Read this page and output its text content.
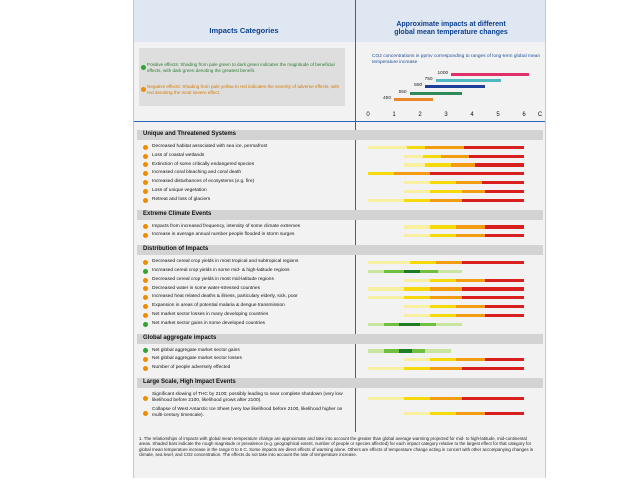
Impacts Categories
Approximate impacts at different
global mean temperature changes
Positive effects: Shading from pale green to dark green indicates the magnitude of beneficial effects, with dark green denoting the greatest benefit.
Negative effects: Shading from pale yellow to red indicates the severity of adverse effects, with red denoting the most severe effect.
CO2 concentrations in ppmv corresponding to ranges of long-term global mean temperature increase
1000
750
650
550
450
0	1	2	3	4	5	6	C
Unique and Threatened Systems
Decreased habitat associated with sea ice, permafrost
Loss of coastal wetlands
Extinction of some critically endangered species
Increased coral bleaching and coral death
Increased disturbances of ecosystems (e.g. fire)
Loss of unique vegetation
Retreat and loss of glaciers
Extreme Climate Events
Impacts from increased frequency, intensity of some climate extremes
Increase in average annual number people flooded in storm surges
Distribution of Impacts
Decreased cereal crop yields in most tropical and subtropical regions
Increased cereal crop yields in some mid- & high-latitude regions
Decreased cereal crop yields in most mid-latitude regions
Decreased water in some water-stressed countries
Increased heat related deaths & illness, particulary elderly, sick, poor
Expansion in areas of potential malaria & dengue transmission
Net market sector losses in many developing countries
Net market sector gains in some developed countries
Global aggregate impacts
Net global aggregate market sector gains
Net global aggregate market sector losses
Number of people adversely effected
Large Scale, High Impact Events
Significant slowing of THC by 2100; possibly leading to near complete shutdown (very low likelihood before 2100, likelihood grows after 2100).
Collapse of West Antarctic Ice Sheet (very low likelihood before 2100, likelihood higher on multi-century timescale).
1. The relationships of impacts with global mean temperature change are approximate and take into account the greater than global average warming projected for mid- to high-latitude, mid-continental areas. Shaded bars indicate the rough magnitude or prevalence (e.g. geographical extent, number of people or species affected) for each impact category relative to the largest effect for that category for global mean temperature increase in the range 0 to 6 C. Some impacts are direct effects of warming alone. Others are effects of temperature change acting in concert with other accompanying changes in climate, sea level, and CO2 concentration. The effects do not take into account the rate of temperature increase.
